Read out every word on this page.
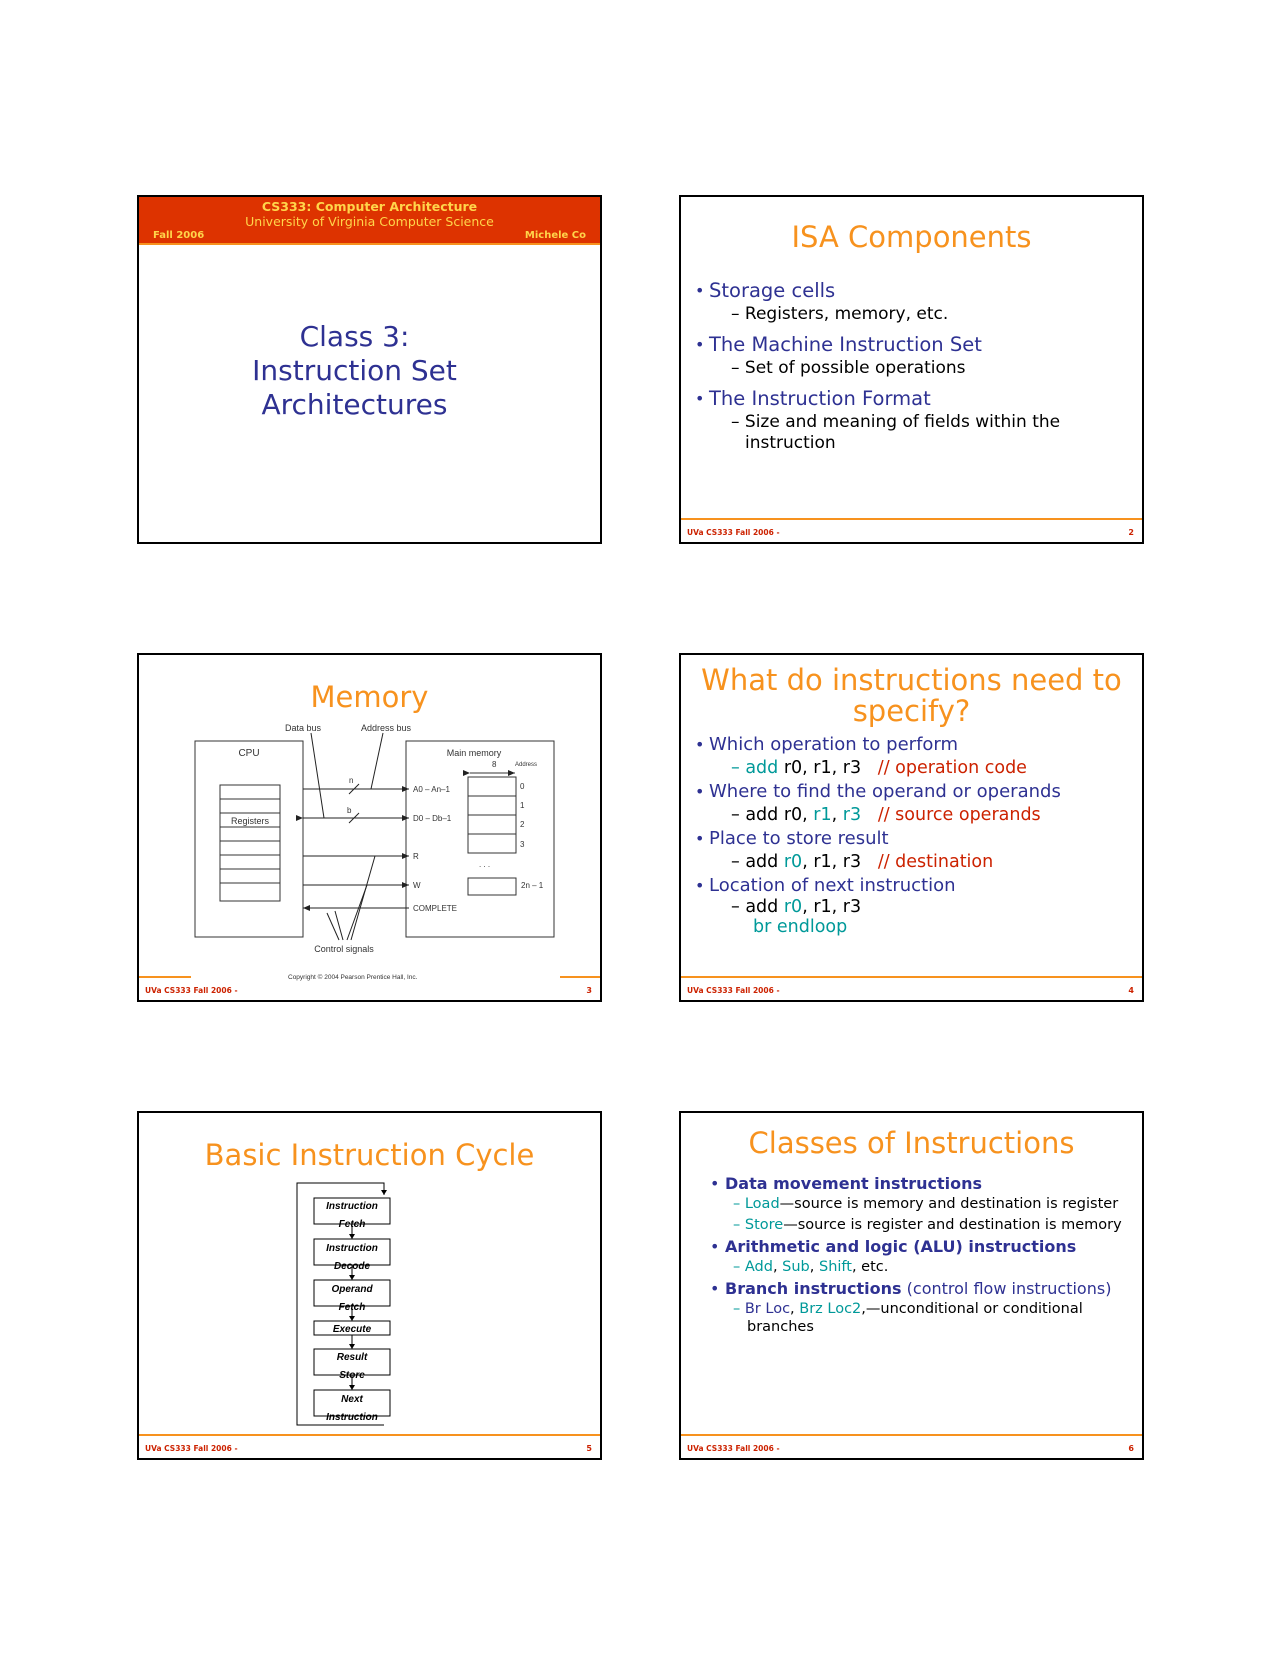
CS333: Computer Architecture
University of Virginia Computer Science
Fall 2006	Michele Co
Class 3:
Instruction Set
Architectures
ISA Components
• Storage cells
– Registers, memory, etc.
• The Machine Instruction Set
– Set of possible operations
• The Instruction Format
– Size and meaning of fields within the instruction
UVa CS333 Fall 2006 -	2
Memory
CPU
Registers
Main memory
8	Address
0
1
2
3
. . .
2n – 1
n
b
Data bus	Address bus
A0 – An–1
D0 – Db–1
R
W
COMPLETE
Control signals
Copyright © 2004 Pearson Prentice Hall, Inc.
UVa CS333 Fall 2006 -	3
What do instructions need to
specify?
• Which operation to perform
– add r0, r1, r3 // operation code
• Where to find the operand or operands
– add r0, r1, r3 // source operands
• Place to store result
– add r0, r1, r3 // destination
• Location of next instruction
– add r0, r1, r3
br endloop
UVa CS333 Fall 2006 -	4
Basic Instruction Cycle
Instruction
Fetch
Instruction
Decode
Operand
Fetch
Execute
Result
Store
Next
Instruction
UVa CS333 Fall 2006 -	5
Classes of Instructions
• Data movement instructions
– Load—source is memory and destination is register
– Store—source is register and destination is memory
• Arithmetic and logic (ALU) instructions
– Add, Sub, Shift, etc.
• Branch instructions (control flow instructions)
– Br Loc, Brz Loc2,—unconditional or conditional branches
UVa CS333 Fall 2006 -	6
